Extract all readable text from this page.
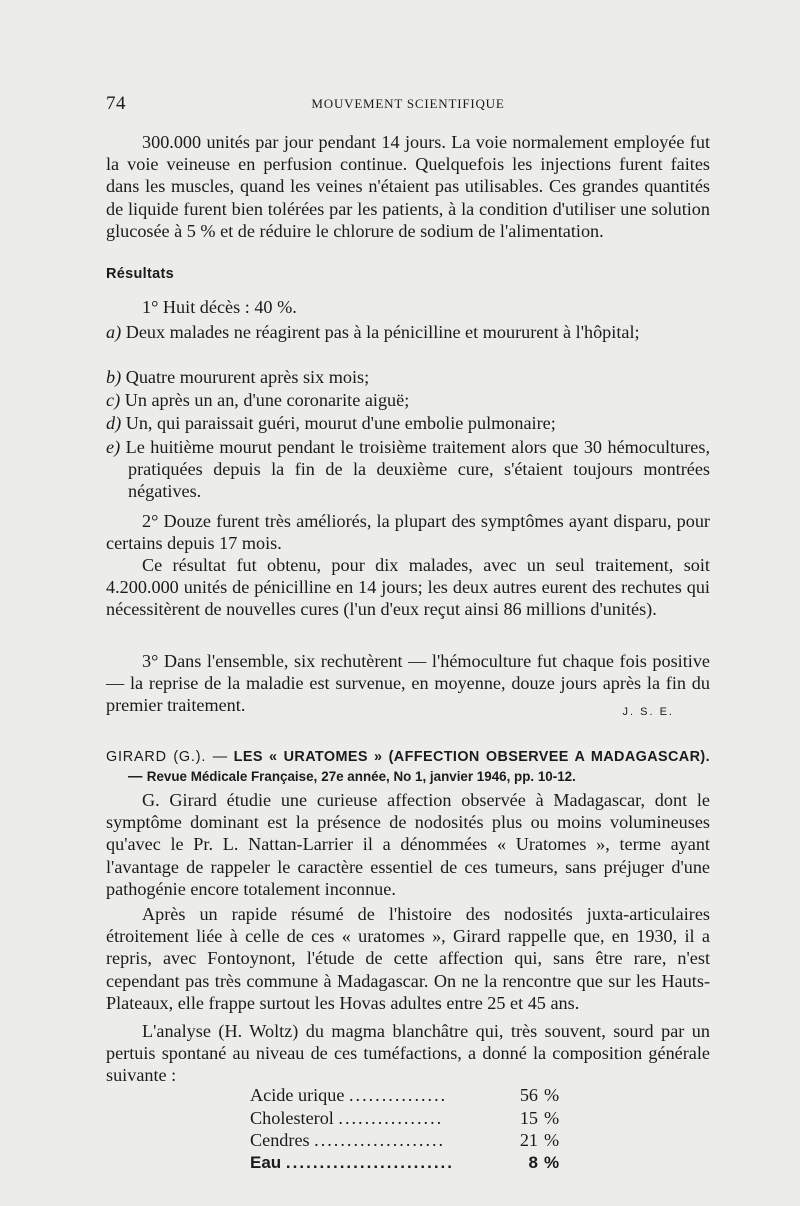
74	MOUVEMENT SCIENTIFIQUE

300.000 unités par jour pendant 14 jours. La voie normalement employée fut la voie veineuse en perfusion continue. Quelquefois les injections furent faites dans les muscles, quand les veines n'étaient pas utilisables. Ces grandes quantités de liquide furent bien tolérées par les patients, à la condition d'utiliser une solution glucosée à 5 % et de réduire le chlorure de sodium de l'alimentation.

Résultats

1° Huit décès : 40 %.

a) Deux malades ne réagirent pas à la pénicilline et moururent à l'hôpital;

b) Quatre moururent après six mois;

c) Un après un an, d'une coronarite aiguë;

d) Un, qui paraissait guéri, mourut d'une embolie pulmonaire;

e) Le huitième mourut pendant le troisième traitement alors que 30 hémocultures, pratiquées depuis la fin de la deuxième cure, s'étaient toujours montrées négatives.

2° Douze furent très améliorés, la plupart des symptômes ayant disparu, pour certains depuis 17 mois.

Ce résultat fut obtenu, pour dix malades, avec un seul traitement, soit 4.200.000 unités de pénicilline en 14 jours; les deux autres eurent des rechutes qui nécessitèrent de nouvelles cures (l'un d'eux reçut ainsi 86 millions d'unités).

3° Dans l'ensemble, six rechutèrent — l'hémoculture fut chaque fois positive — la reprise de la maladie est survenue, en moyenne, douze jours après la fin du premier traitement.	J. S. E.

GIRARD (G.). — LES « URATOMES » (AFFECTION OBSERVEE A MADAGASCAR). — Revue Médicale Française, 27e année, No 1, janvier 1946, pp. 10-12.

G. Girard étudie une curieuse affection observée à Madagascar, dont le symptôme dominant est la présence de nodosités plus ou moins volumineuses qu'avec le Pr. L. Nattan-Larrier il a dénommées « Uratomes », terme ayant l'avantage de rappeler le caractère essentiel de ces tumeurs, sans préjuger d'une pathogénie encore totalement inconnue.

Après un rapide résumé de l'histoire des nodosités juxta-articulaires étroitement liée à celle de ces « uratomes », Girard rappelle que, en 1930, il a repris, avec Fontoynont, l'étude de cette affection qui, sans être rare, n'est cependant pas très commune à Madagascar. On ne la rencontre que sur les Hauts-Plateaux, elle frappe surtout les Hovas adultes entre 25 et 45 ans.

L'analyse (H. Woltz) du magma blanchâtre qui, très souvent, sourd par un pertuis spontané au niveau de ces tuméfactions, a donné la composition générale suivante :

Acide urique ...............	56	%
Cholesterol ................	15	%
Cendres ....................	21	%
Eau .........................	8	%
